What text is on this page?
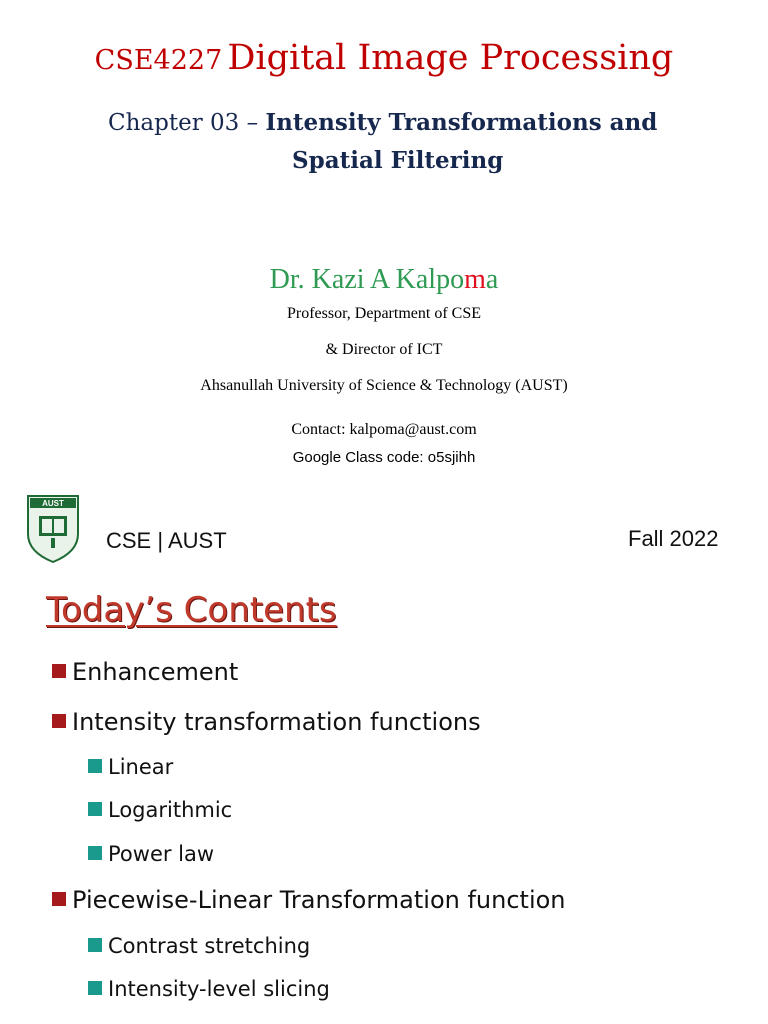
CSE4227 Digital Image Processing
Chapter 03 – Intensity Transformations and
Spatial Filtering
Dr. Kazi A Kalpoma
Professor, Department of CSE
& Director of ICT
Ahsanullah University of Science & Technology (AUST)
Contact: kalpoma@aust.com
Google Class code: o5sjihh
AUST
CSE | AUST	Fall 2022
Today’s Contents
Enhancement
Intensity transformation functions
Linear
Logarithmic
Power law
Piecewise-Linear Transformation function
Contrast stretching
Intensity-level slicing
